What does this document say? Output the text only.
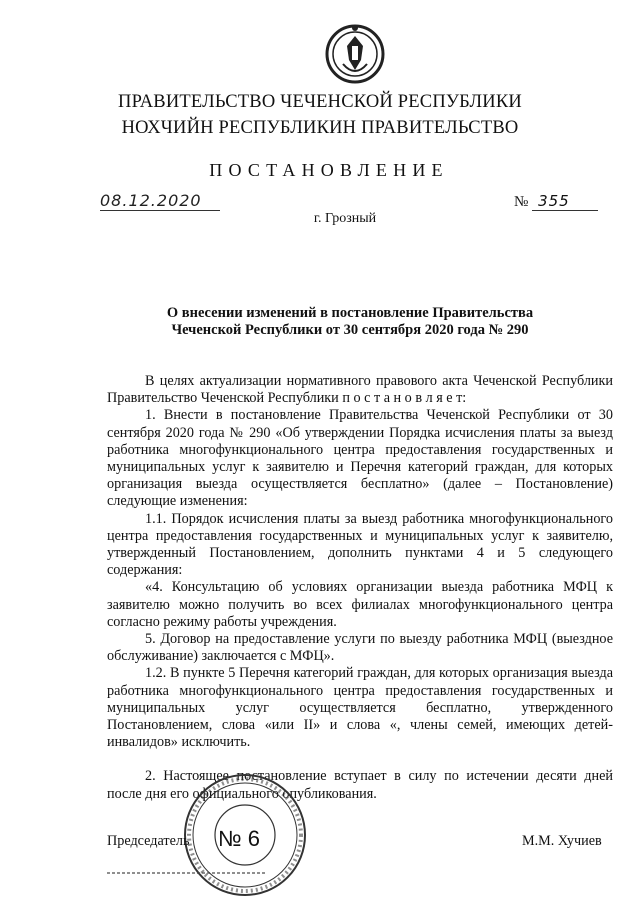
ПРАВИТЕЛЬСТВО ЧЕЧЕНСКОЙ РЕСПУБЛИКИ
НОХЧИЙН РЕСПУБЛИКИН ПРАВИТЕЛЬСТВО
ПОСТАНОВЛЕНИЕ
08.12.2020	№ 355
г. Грозный
О внесении изменений в постановление Правительства
Чеченской Республики от 30 сентября 2020 года № 290

В целях актуализации нормативного правового акта Чеченской Республики Правительство Чеченской Республики п о с т а н о в л я е т:

1. Внести в постановление Правительства Чеченской Республики от 30 сентября 2020 года № 290 «Об утверждении Порядка исчисления платы за выезд работника многофункционального центра предоставления государственных и муниципальных услуг к заявителю и Перечня категорий граждан, для которых организация выезда осуществляется бесплатно» (далее – Постановление) следующие изменения:

1.1. Порядок исчисления платы за выезд работника многофункционального центра предоставления государственных и муниципальных услуг к заявителю, утвержденный Постановлением, дополнить пунктами 4 и 5 следующего содержания:

«4. Консультацию об условиях организации выезда работника МФЦ к заявителю можно получить во всех филиалах многофункционального центра согласно режиму работы учреждения.

5. Договор на предоставление услуги по выезду работника МФЦ (выездное обслуживание) заключается с МФЦ».

1.2. В пункте 5 Перечня категорий граждан, для которых организация выезда работника многофункционального центра предоставления государственных и муниципальных услуг осуществляется бесплатно, утвержденного Постановлением, слова «или II» и слова «, члены семей, имеющих детей-инвалидов» исключить.

2. Настоящее постановление вступает в силу по истечении десяти дней после дня его официального опубликования.

№ 6
Председатель	М.М. Хучиев
